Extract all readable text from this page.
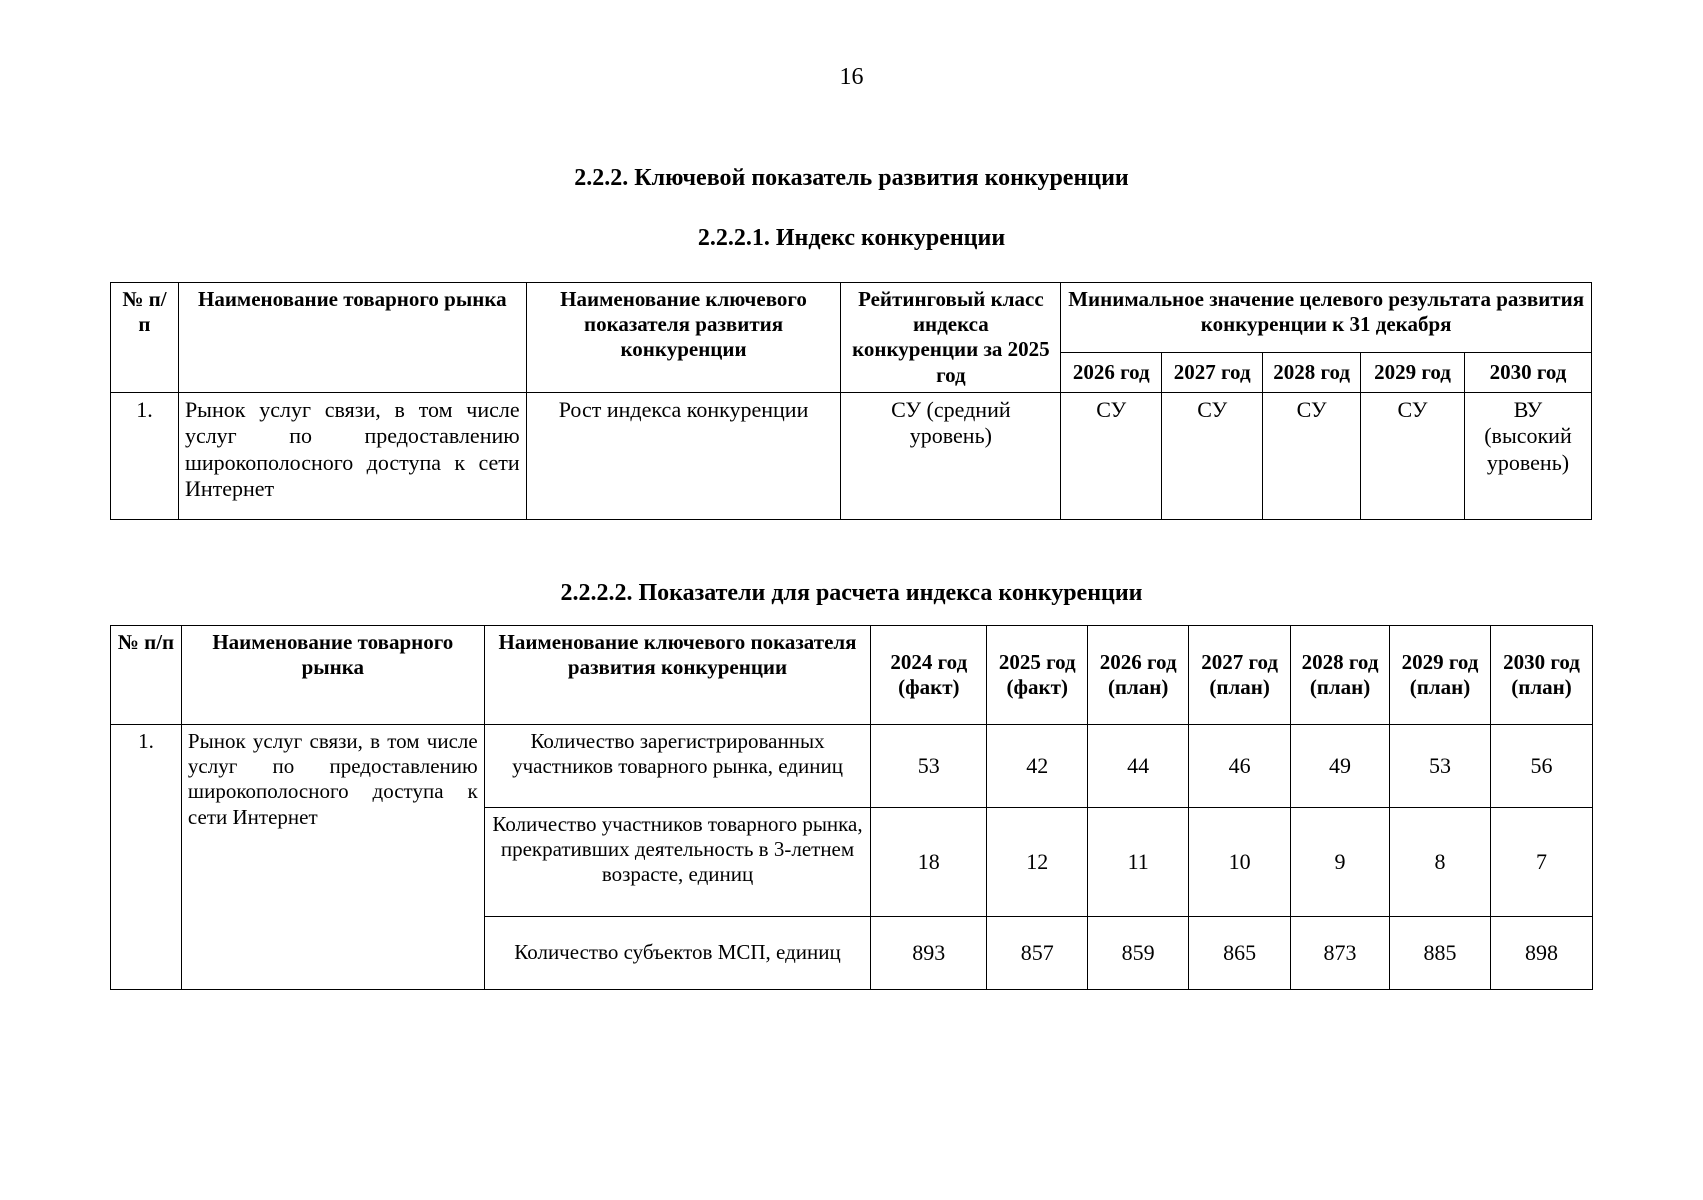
16
2.2.2. Ключевой показатель развития конкуренции
2.2.2.1. Индекс конкуренции
№ п/п	Наименование товарного рынка	Наименование ключевого показателя развития конкуренции	Рейтинговый класс индекса конкуренции за 2025 год	Минимальное значение целевого результата развития конкуренции к 31 декабря				
				2026 год	2027 год	2028 год	2029 год	2030 год
1.	Рынок услуг связи, в том числе услуг по предоставлению широкополосного доступа к сети Интернет	Рост индекса конкуренции	СУ (средний уровень)	СУ	СУ	СУ	СУ	ВУ (высокий уровень)
2.2.2.2. Показатели для расчета индекса конкуренции
№ п/п	Наименование товарного рынка	Наименование ключевого показателя развития конкуренции	2024 год (факт)	2025 год (факт)	2026 год (план)	2027 год (план)	2028 год (план)	2029 год (план)	2030 год (план)
1.	Рынок услуг связи, в том числе услуг по предоставлению широкополосного доступа к сети Интернет	Количество зарегистрированных участников товарного рынка, единиц	53	42	44	46	49	53	56
		Количество участников товарного рынка, прекративших деятельность в 3-летнем возрасте, единиц	18	12	11	10	9	8	7
		Количество субъектов МСП, единиц	893	857	859	865	873	885	898
